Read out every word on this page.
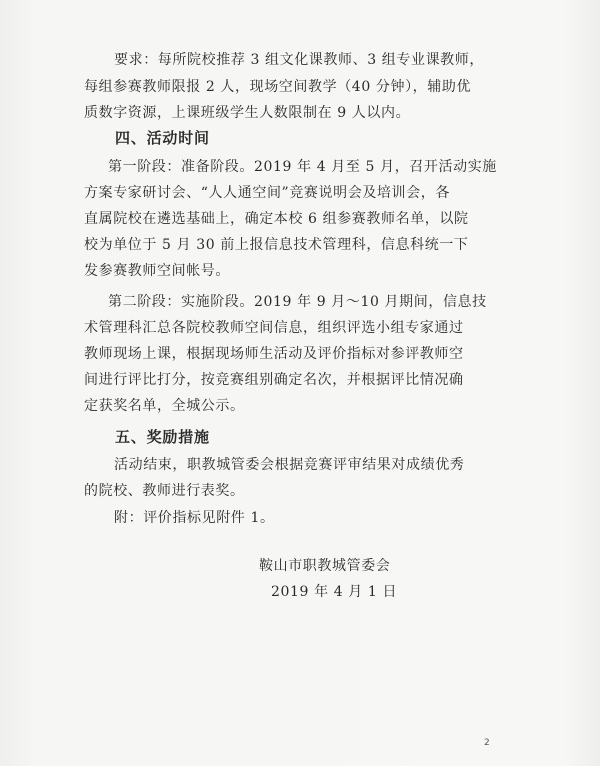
要求：每所院校推荐 3 组文化课教师、3 组专业课教师，
每组参赛教师限报 2 人，现场空间教学（40 分钟），辅助优
质数字资源，上课班级学生人数限制在 9 人以内。
四、活动时间
第一阶段：准备阶段。2019 年 4 月至 5 月，召开活动实施
方案专家研讨会、“人人通空间”竞赛说明会及培训会，各
直属院校在遴选基础上，确定本校 6 组参赛教师名单，以院
校为单位于 5 月 30 前上报信息技术管理科，信息科统一下
发参赛教师空间帐号。
第二阶段：实施阶段。2019 年 9 月～10 月期间，信息技
术管理科汇总各院校教师空间信息，组织评选小组专家通过
教师现场上课，根据现场师生活动及评价指标对参评教师空
间进行评比打分，按竞赛组别确定名次，并根据评比情况确
定获奖名单，全城公示。
五、奖励措施
活动结束，职教城管委会根据竞赛评审结果对成绩优秀
的院校、教师进行表奖。
附：评价指标见附件 1。
鞍山市职教城管委会
2019 年 4 月 1 日
2
